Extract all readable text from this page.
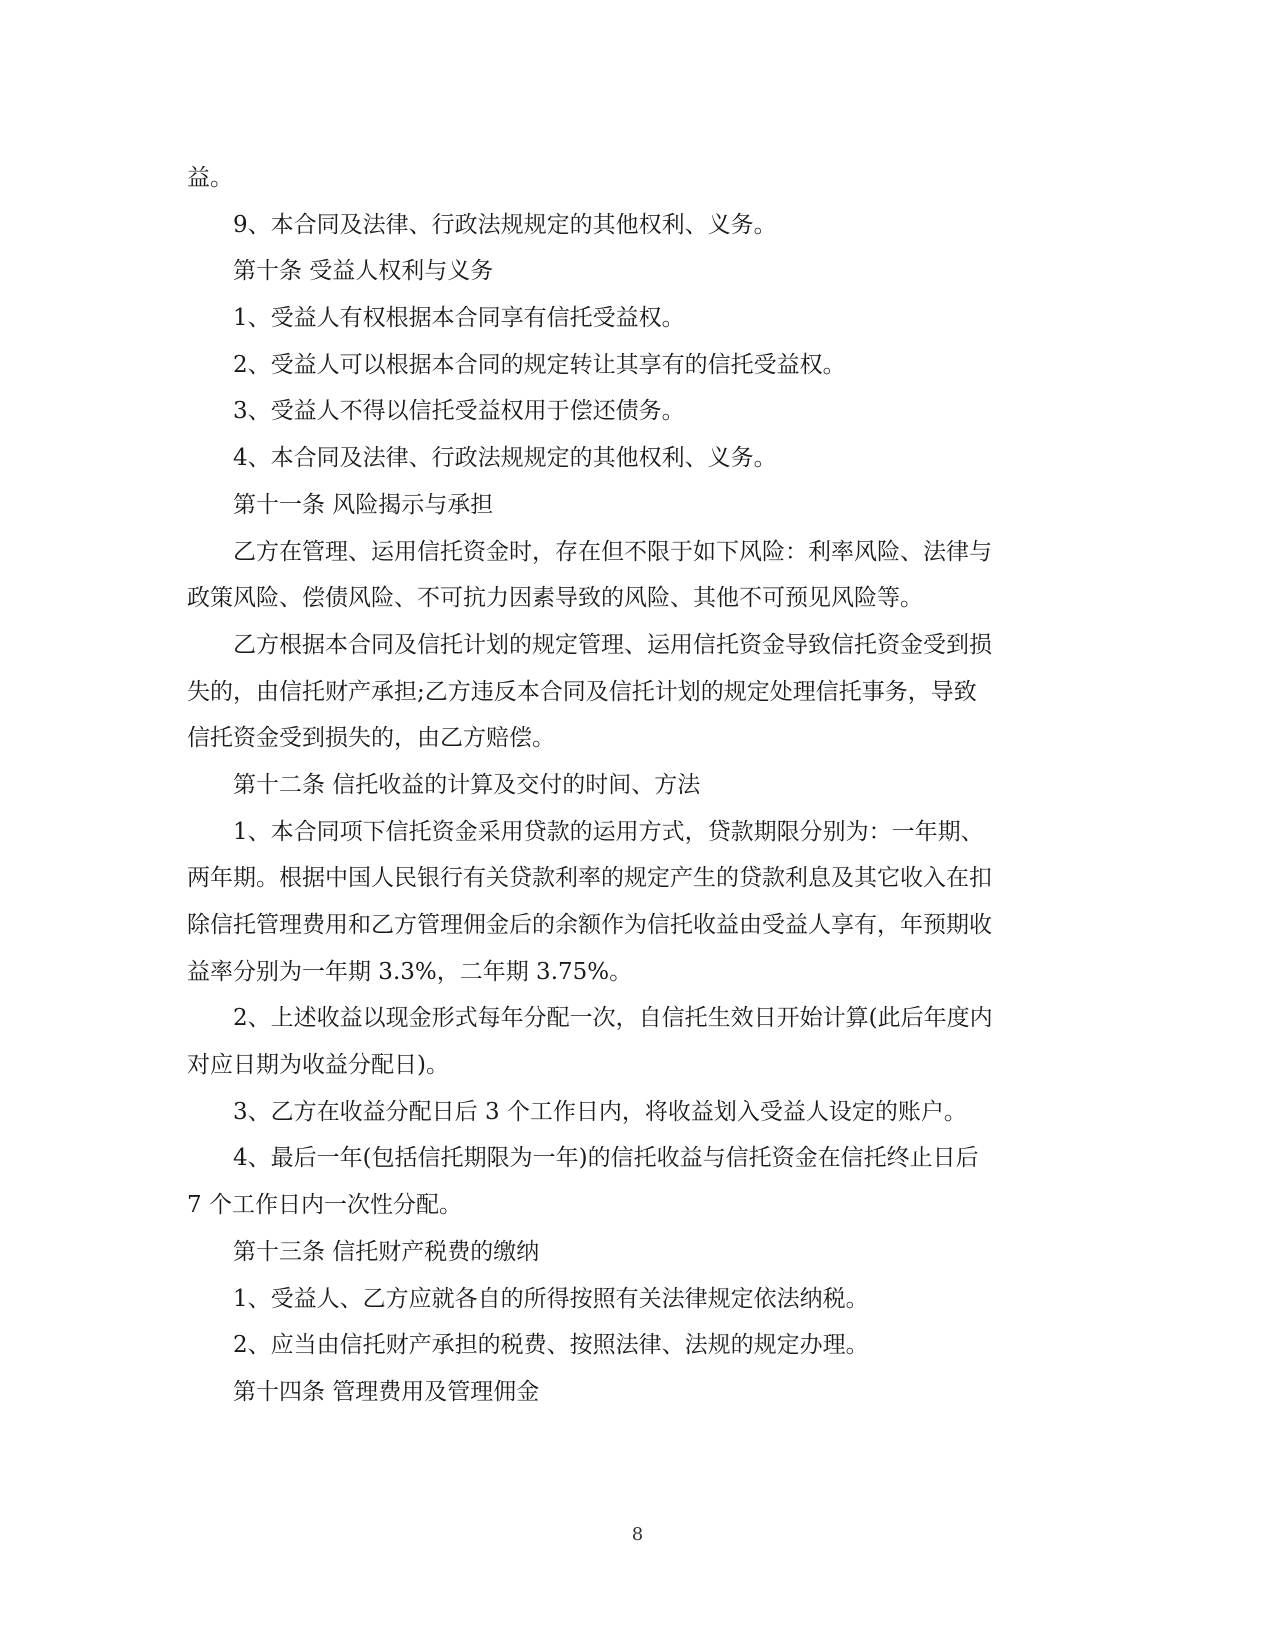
益。
9、本合同及法律、行政法规规定的其他权利、义务。
第十条 受益人权利与义务
1、受益人有权根据本合同享有信托受益权。
2、受益人可以根据本合同的规定转让其享有的信托受益权。
3、受益人不得以信托受益权用于偿还债务。
4、本合同及法律、行政法规规定的其他权利、义务。
第十一条 风险揭示与承担
乙方在管理、运用信托资金时，存在但不限于如下风险：利率风险、法律与
政策风险、偿债风险、不可抗力因素导致的风险、其他不可预见风险等。
乙方根据本合同及信托计划的规定管理、运用信托资金导致信托资金受到损
失的，由信托财产承担;乙方违反本合同及信托计划的规定处理信托事务，导致
信托资金受到损失的，由乙方赔偿。
第十二条 信托收益的计算及交付的时间、方法
1、本合同项下信托资金采用贷款的运用方式，贷款期限分别为：一年期、
两年期。根据中国人民银行有关贷款利率的规定产生的贷款利息及其它收入在扣
除信托管理费用和乙方管理佣金后的余额作为信托收益由受益人享有，年预期收
益率分别为一年期 3.3%，二年期 3.75%。
2、上述收益以现金形式每年分配一次，自信托生效日开始计算(此后年度内
对应日期为收益分配日)。
3、乙方在收益分配日后 3 个工作日内，将收益划入受益人设定的账户。
4、最后一年(包括信托期限为一年)的信托收益与信托资金在信托终止日后
7 个工作日内一次性分配。
第十三条 信托财产税费的缴纳
1、受益人、乙方应就各自的所得按照有关法律规定依法纳税。
2、应当由信托财产承担的税费、按照法律、法规的规定办理。
第十四条 管理费用及管理佣金
8
